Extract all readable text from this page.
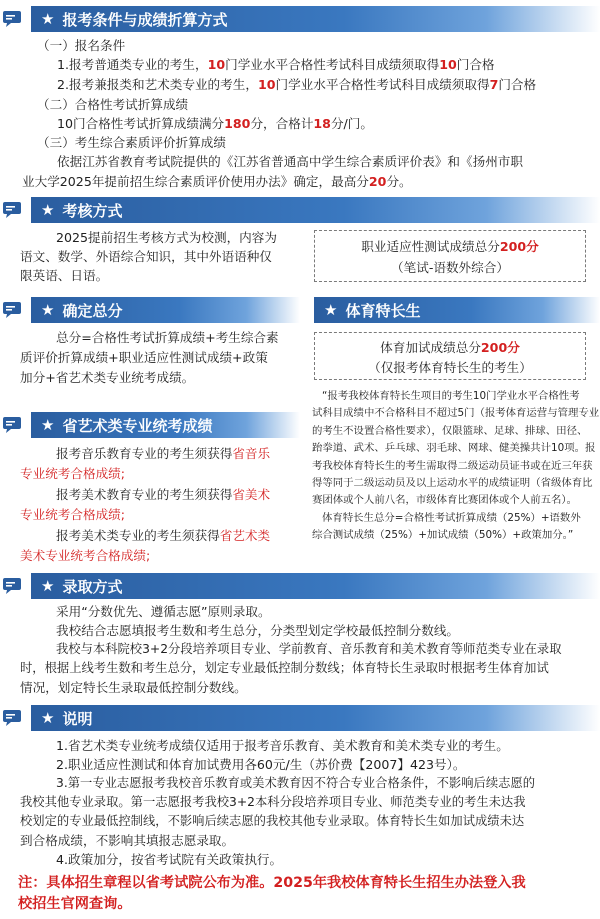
★ 报考条件与成绩折算方式
（一）报名条件
1.报考普通类专业的考生，10门学业水平合格性考试科目成绩须取得10门合格
2.报考兼报类和艺术类专业的考生，10门学业水平合格性考试科目成绩须取得7门合格
（二）合格性考试折算成绩
10门合格性考试折算成绩满分180分，合格计18分/门。
（三）考生综合素质评价折算成绩
依据江苏省教育考试院提供的《江苏省普通高中学生综合素质评价表》和《扬州市职
业大学2025年提前招生综合素质评价使用办法》确定，最高分20分。
★ 考核方式
2025提前招生考核方式为校测，内容为
语文、数学、外语综合知识，其中外语语种仅
限英语、日语。
职业适应性测试成绩总分200分
（笔试-语数外综合）
★ 确定总分	★ 体育特长生
总分=合格性考试折算成绩+考生综合素
质评价折算成绩+职业适应性测试成绩+政策
加分+省艺术类专业统考成绩。
体育加试成绩总分200分
（仅报考体育特长生的考生）
“报考我校体育特长生项目的考生10门学业水平合格性考
试科目成绩中不合格科目不超过5门（报考体育运营与管理专业
的考生不设置合格性要求），仅限篮球、足球、排球、田径、
跆拳道、武术、乒乓球、羽毛球、网球、健美操共计10项。报
考我校体育特长生的考生需取得二级运动员证书或在近三年获
得等同于二级运动员及以上运动水平的成绩证明（省级体育比
赛团体或个人前八名，市级体育比赛团体或个人前五名）。
体育特长生总分=合格性考试折算成绩（25%）+语数外
综合测试成绩（25%）+加试成绩（50%）+政策加分。”
★ 省艺术类专业统考成绩
报考音乐教育专业的考生须获得省音乐
专业统考合格成绩;
报考美术教育专业的考生须获得省美术
专业统考合格成绩;
报考美术类专业的考生须获得省艺术类
美术专业统考合格成绩;
★ 录取方式
采用“分数优先、遵循志愿”原则录取。
我校结合志愿填报考生数和考生总分，分类型划定学校最低控制分数线。
我校与本科院校3+2分段培养项目专业、学前教育、音乐教育和美术教育等师范类专业在录取
时，根据上线考生数和考生总分，划定专业最低控制分数线；体育特长生录取时根据考生体育加试
情况，划定特长生录取最低控制分数线。
★ 说明
1.省艺术类专业统考成绩仅适用于报考音乐教育、美术教育和美术类专业的考生。
2.职业适应性测试和体育加试费用各60元/生（苏价费【2007】423号）。
3.第一专业志愿报考我校音乐教育或美术教育因不符合专业合格条件，不影响后续志愿的
我校其他专业录取。第一志愿报考我校3+2本科分段培养项目专业、师范类专业的考生未达我
校划定的专业最低控制线，不影响后续志愿的我校其他专业录取。体育特长生如加试成绩未达
到合格成绩，不影响其填报志愿录取。
4.政策加分，按省考试院有关政策执行。
注：具体招生章程以省考试院公布为准。2025年我校体育特长生招生办法登入我
校招生官网查询。
